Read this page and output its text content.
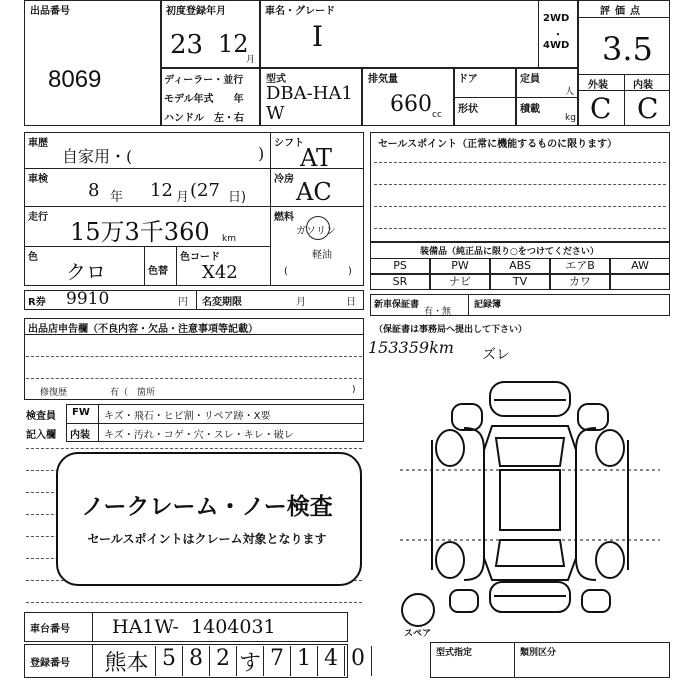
出品番号
8069
初度登録年月
23 12
月
車名・グレード
I
2WD
・
4WD
評価点
3.5
外装	内装
C C
ディーラー・並行
モデル年式　　年
ハンドル　左・右
型式
DBA-HA1W
排気量
660 cc
ドア
形状
定員
人
積載
kg
車歴
自家用・(	)
車検
8 年 12 月 (27 日)
走行
15万3千360 km
色
クロ	色替
色コード
X42
シフト
AT
冷房 AC
燃料
ガソリン
軽油
(	)
R券 9910	円 名変期限	月	日
出品店申告欄（不良内容・欠品・注意事項等記載）
修復歴	有（　箇所	)
検査員
記入欄
FW キズ・飛石・ヒビ割・リペア跡・X要
内装 キズ・汚れ・コゲ・穴・スレ・キレ・破レ
ノークレーム・ノー検査
セールスポイントはクレーム対象となります
車台番号 HA1W-  1404031
登録番号 熊本 5 8 2 す 7 1 4 0
セールスポイント（正常に機能するものに限ります）
装備品（純正品に限り○をつけてください）
PS	PW	ABS	エアB	AW
SR	ナビ	TV	カワ
新車保証書
有・無
記録簿
（保証書は事務局へ提出して下さい）
153359km ズレ
スペア
型式指定	類別区分
